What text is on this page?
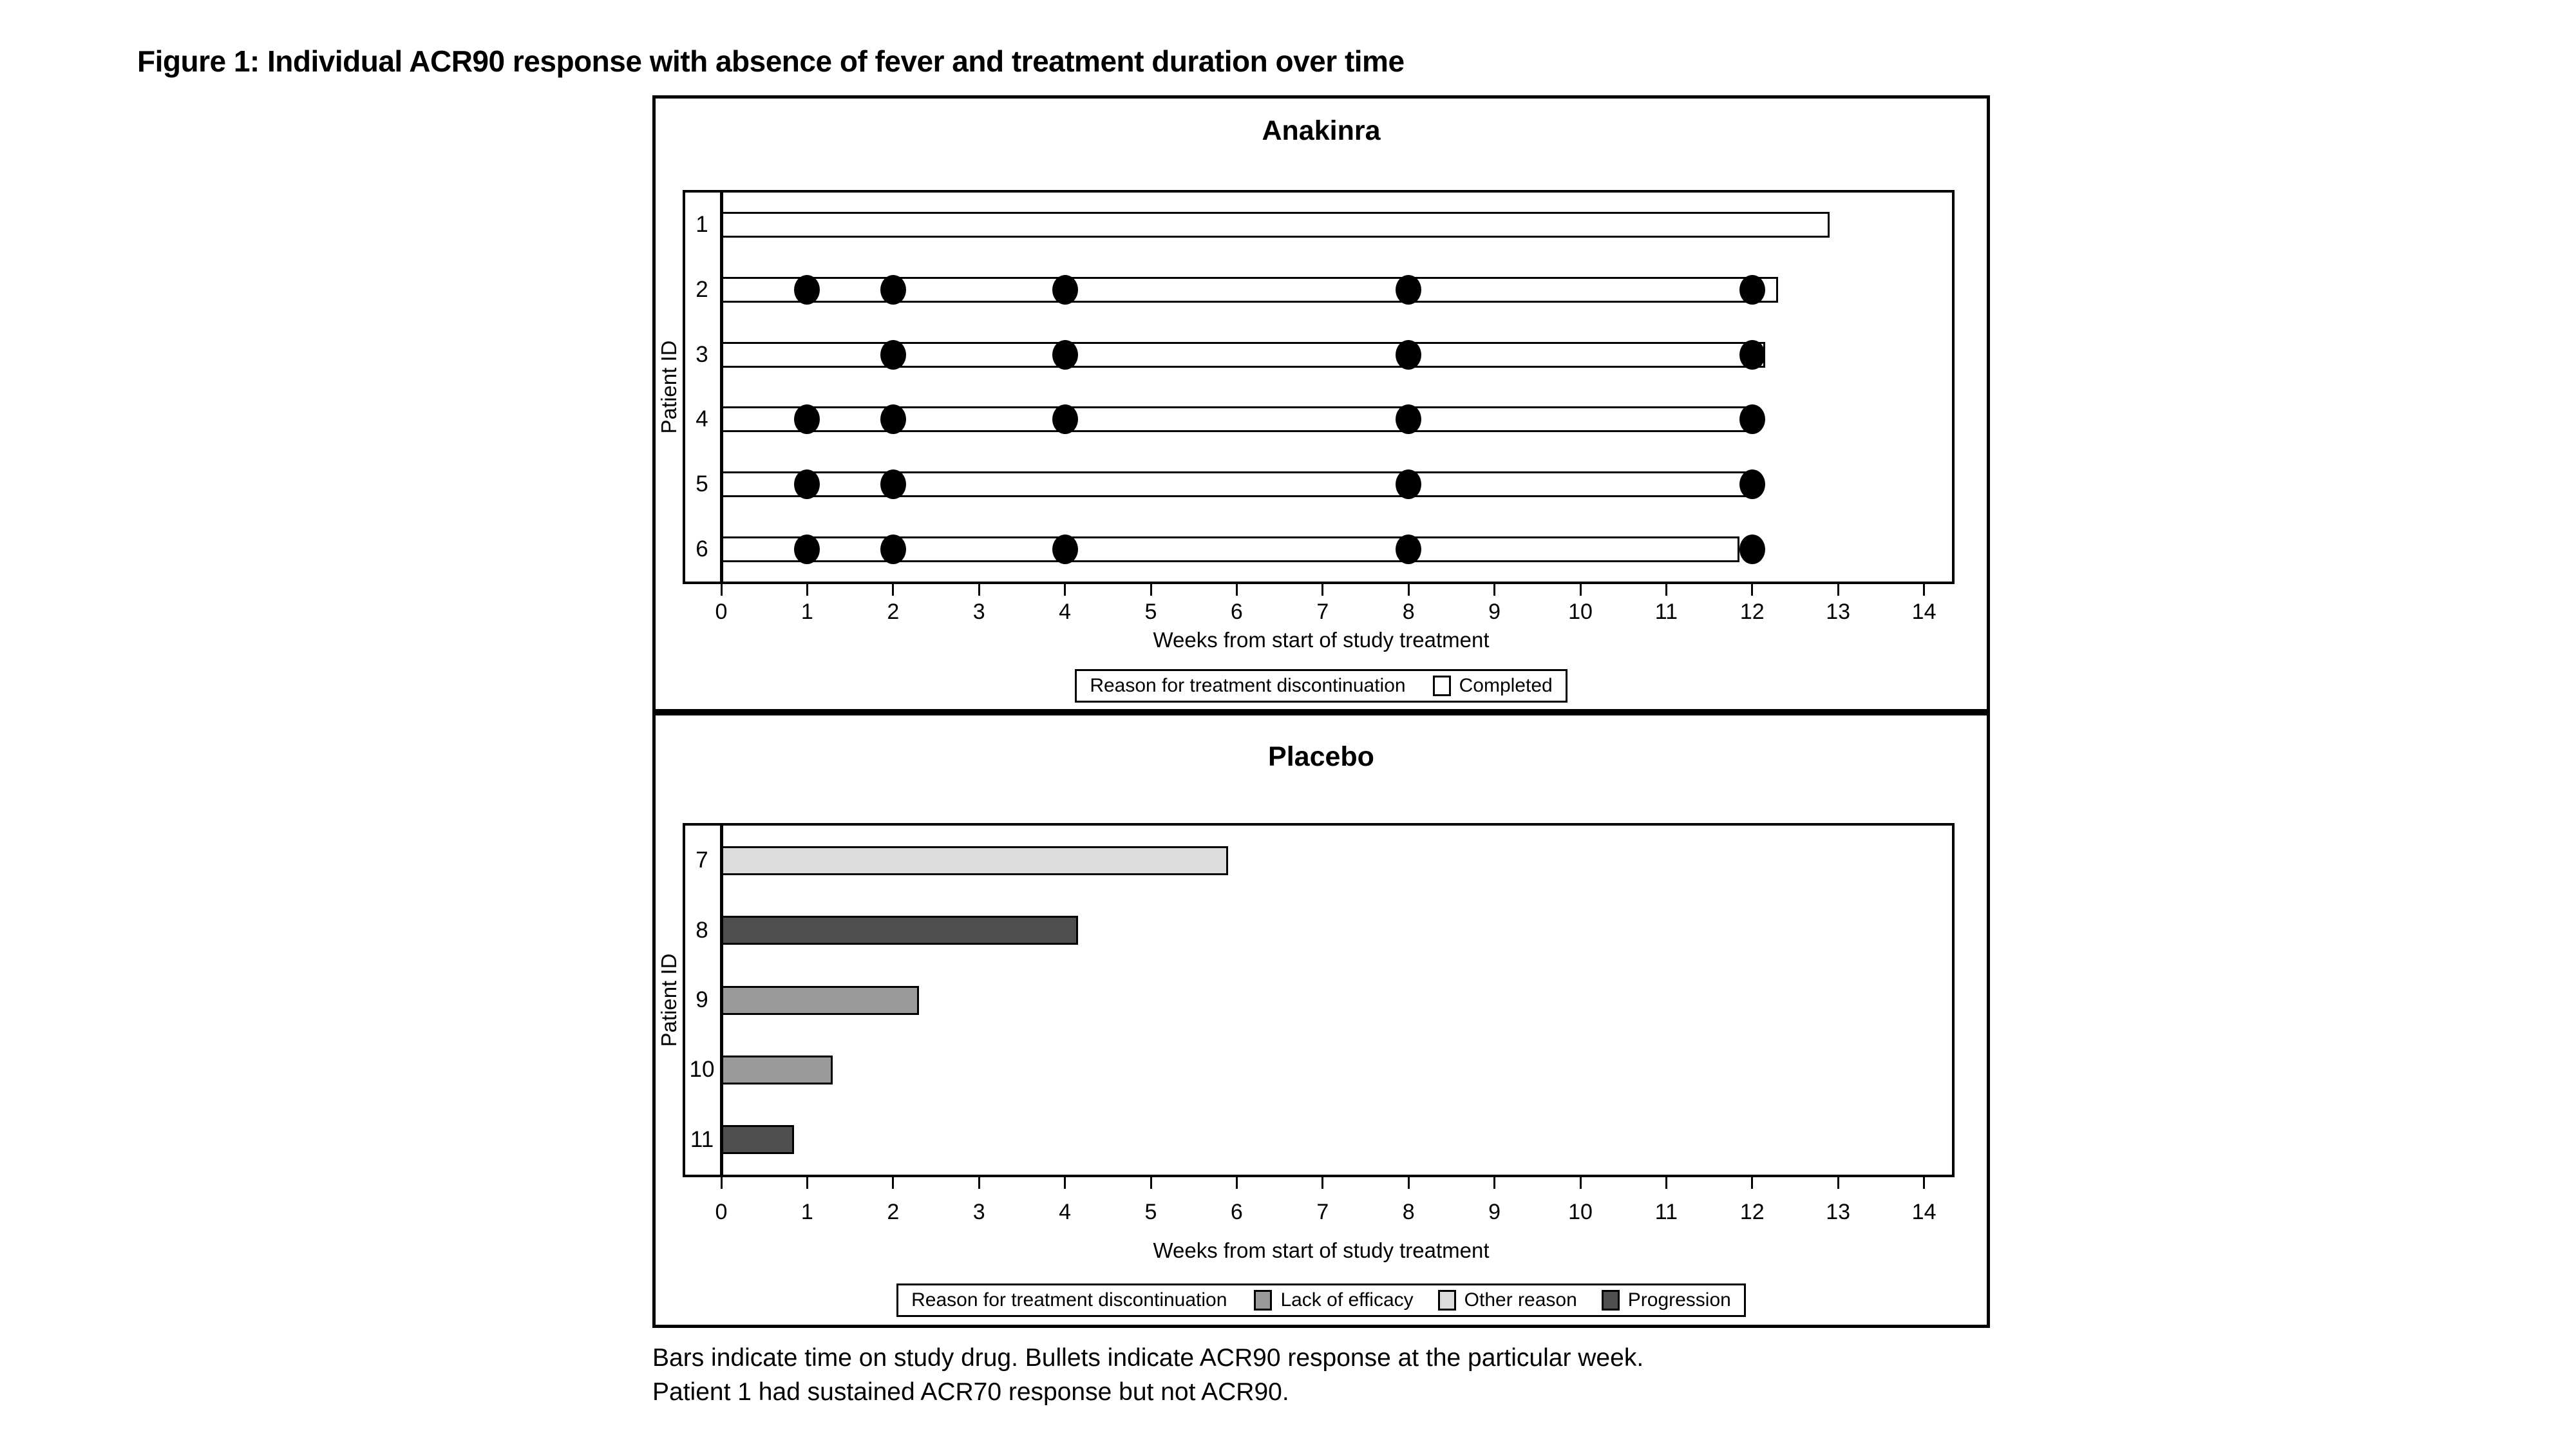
Figure 1: Individual ACR90 response with absence of fever and treatment duration over time
Anakinra
Patient ID
1
2
3
4
5
6
Weeks from start of study treatment
Reason for treatment discontinuation	Completed
0	1	2	3	4	5	6	7	8	9	10	11	12	13	14
Placebo
Patient ID
7
8
9
10
11
Weeks from start of study treatment
Reason for treatment discontinuation	Lack of efficacy	Other reason	Progression
0	1	2	3	4	5	6	7	8	9	10	11	12	13	14
Bars indicate time on study drug. Bullets indicate ACR90 response at the particular week.
Patient 1 had sustained ACR70 response but not ACR90.
